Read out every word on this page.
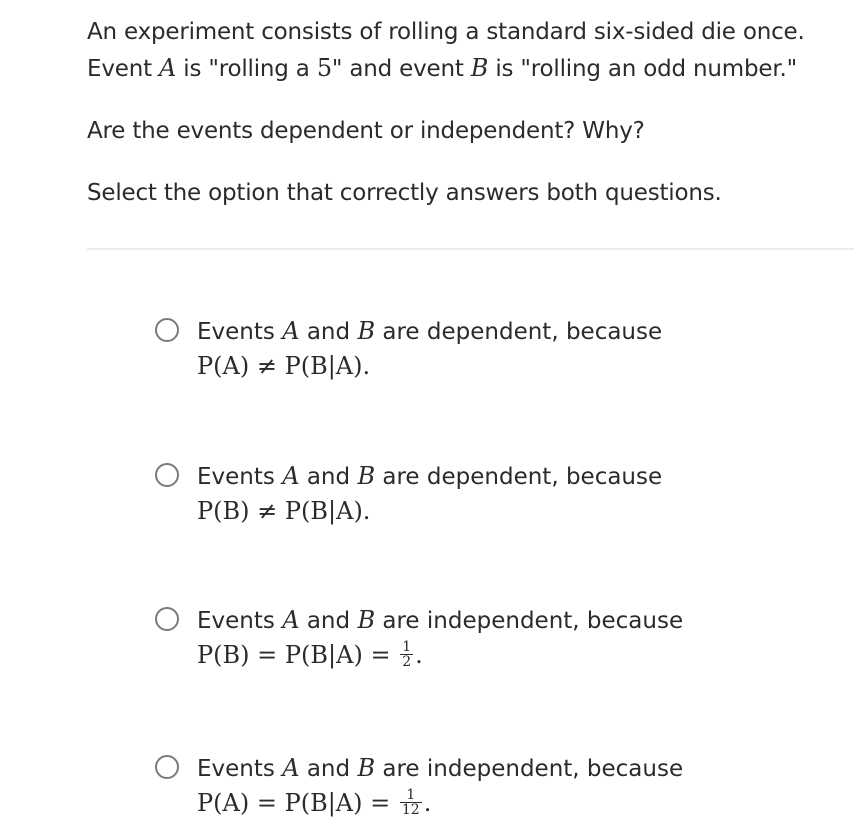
An experiment consists of rolling a standard six-sided die once.

Event A is "rolling a 5" and event B is "rolling an odd number."

Are the events dependent or independent? Why?

Select the option that correctly answers both questions.

Events A and B are dependent, because
P(A) ≠ P(B|A).
Events A and B are dependent, because
P(B) ≠ P(B|A).
Events A and B are independent, because
$P(B) = P(B|A) = \frac{1}{2}$ .
Events A and B are independent, because
$P(A) = P(B|A) = \frac{1}{12}$ .
